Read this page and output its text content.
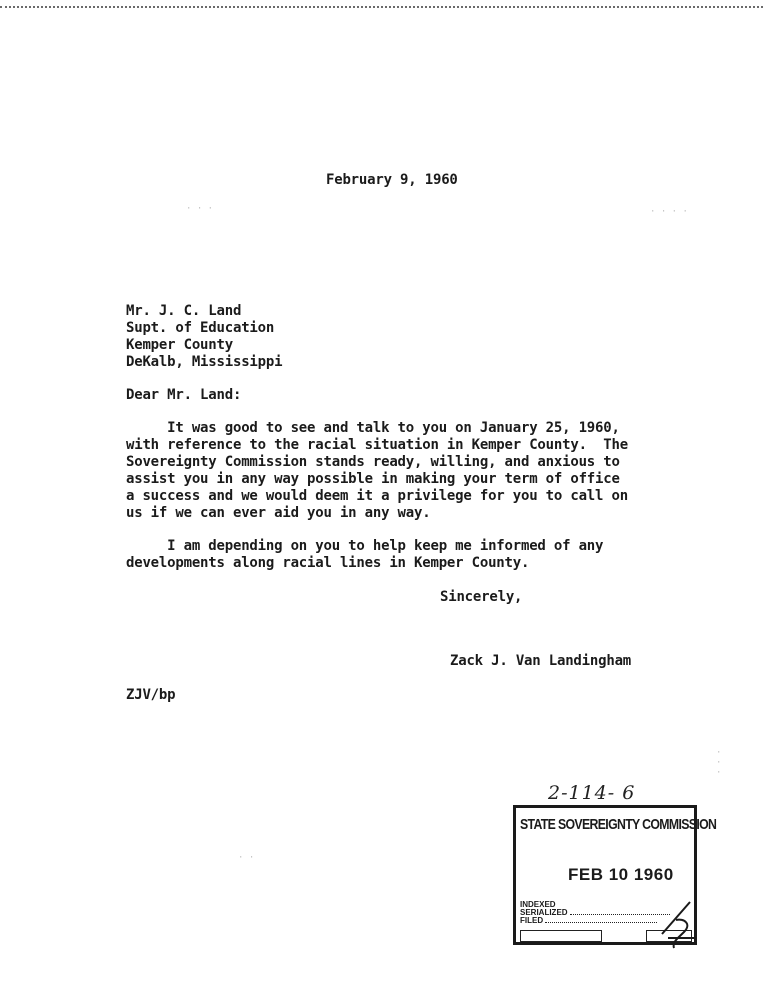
February 9, 1960
Mr. J. C. Land
Supt. of Education
Kemper County
DeKalb, Mississippi
Dear Mr. Land:
It was good to see and talk to you on January 25, 1960,
with reference to the racial situation in Kemper County.  The
Sovereignty Commission stands ready, willing, and anxious to
assist you in any way possible in making your term of office
a success and we would deem it a privilege for you to call on
us if we can ever aid you in any way.
I am depending on you to help keep me informed of any
developments along racial lines in Kemper County.
Sincerely,
Zack J. Van Landingham
ZJV/bp
2-114- 6
STATE SOVEREIGNTY COMMISSION
FEB 10 1960
INDEXED
SERIALIZED
FILED
· · ·	· · · ·
· ·
·
·
·
